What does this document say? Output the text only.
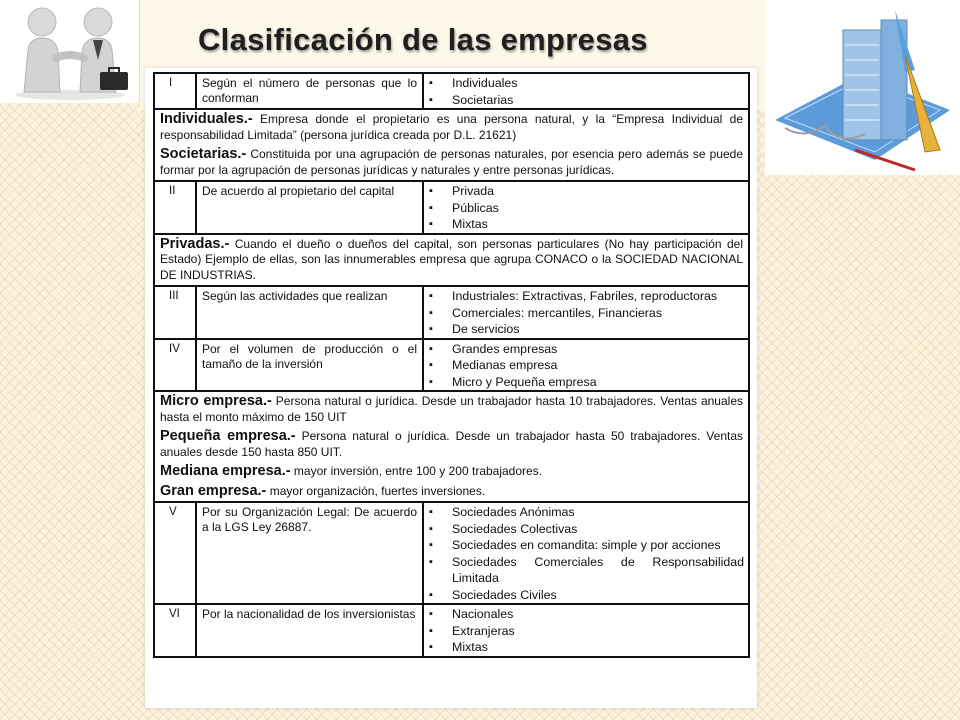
Clasificación de las empresas
I	Según el número de personas que lo conforman
▪ Individuales
▪ Societarias

Individuales.- Empresa donde el propietario es una persona natural, y la “Empresa Individual de responsabilidad Limitada” (persona jurídica creada por D.L. 21621)

Societarias.- Constituida por una agrupación de personas naturales, por esencia pero además se puede formar por la agrupación de personas jurídicas y naturales y entre personas jurídicas.

II	De acuerdo al propietario del capital	▪ Privada
▪ Públicas
▪ Mixtas

Privadas.- Cuando el dueño o dueños del capital, son personas particulares (No hay participación del Estado) Ejemplo de ellas, son las innumerables empresa que agrupa CONACO o la SOCIEDAD NACIONAL DE INDUSTRIAS.

III	Según las actividades que realizan	▪ Industriales: Extractivas, Fabriles, reproductoras
▪ Comerciales: mercantiles, Financieras
▪ De servicios
IV	Por el volumen de producción o el tamaño de la inversión
▪ Grandes empresas
▪ Medianas empresa
▪ Micro y Pequeña empresa

Micro empresa.- Persona natural o jurídica. Desde un trabajador hasta 10 trabajadores. Ventas anuales hasta el monto máximo de 150 UIT

Pequeña empresa.- Persona natural o jurídica. Desde un trabajador hasta 50 trabajadores. Ventas anuales desde 150 hasta 850 UIT.

Mediana empresa.- mayor inversión, entre 100 y 200 trabajadores.

Gran empresa.- mayor organización, fuertes inversiones.

V	Por su Organización Legal: De acuerdo a la LGS Ley 26887.
▪ Sociedades Anónimas
▪ Sociedades Colectivas
▪ Sociedades en comandita: simple y por acciones
▪ Sociedades Comerciales de Responsabilidad Limitada
▪ Sociedades Civiles
VI	Por la nacionalidad de los inversionistas	▪ Nacionales
▪ Extranjeras
▪ Mixtas
